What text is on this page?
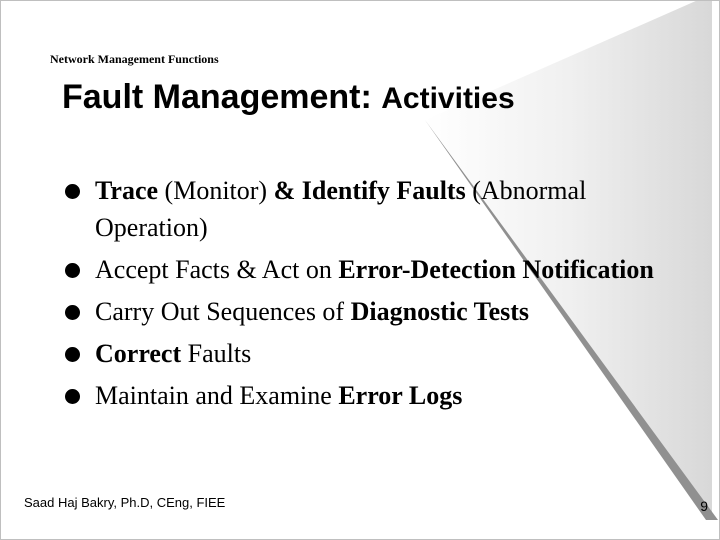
Network Management Functions
Fault Management: Activities
Trace (Monitor) & Identify Faults (Abnormal Operation)
Accept Facts & Act on Error-Detection Notification
Carry Out Sequences of Diagnostic Tests
Correct Faults
Maintain and Examine Error Logs
Saad Haj Bakry, Ph.D, CEng, FIEE	9
